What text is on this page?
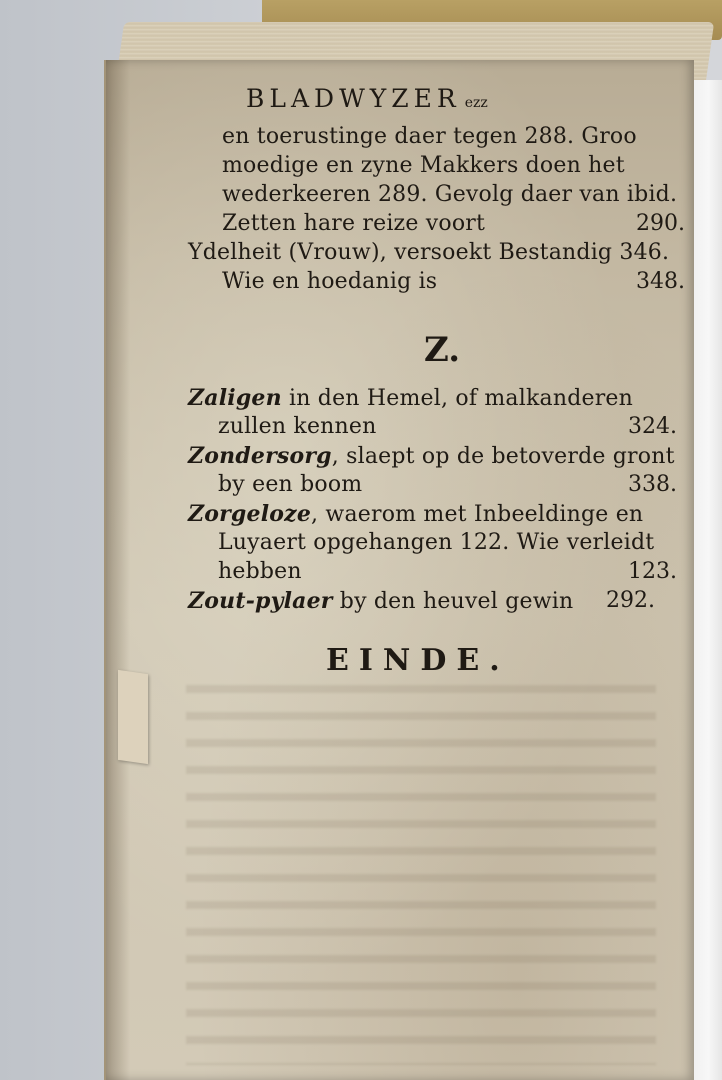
BLADWYZER ezz
en toerustinge daer tegen 288. Groo
moedige en zyne Makkers doen het
wederkeeren 289. Gevolg daer van ibid.
Zetten hare reize voort	290.
Ydelheit (Vrouw), versoekt Bestandig 346.
Wie en hoedanig is	348.
Z.
Zaligen in den Hemel, of malkanderen
zullen kennen	324.
Zondersorg, slaept op de betoverde gront
by een boom	338.
Zorgeloze, waerom met Inbeeldinge en
Luyaert opgehangen 122. Wie verleidt
hebben	123.
Zout-pylaer by den heuvel gewin 292.
EINDE.
